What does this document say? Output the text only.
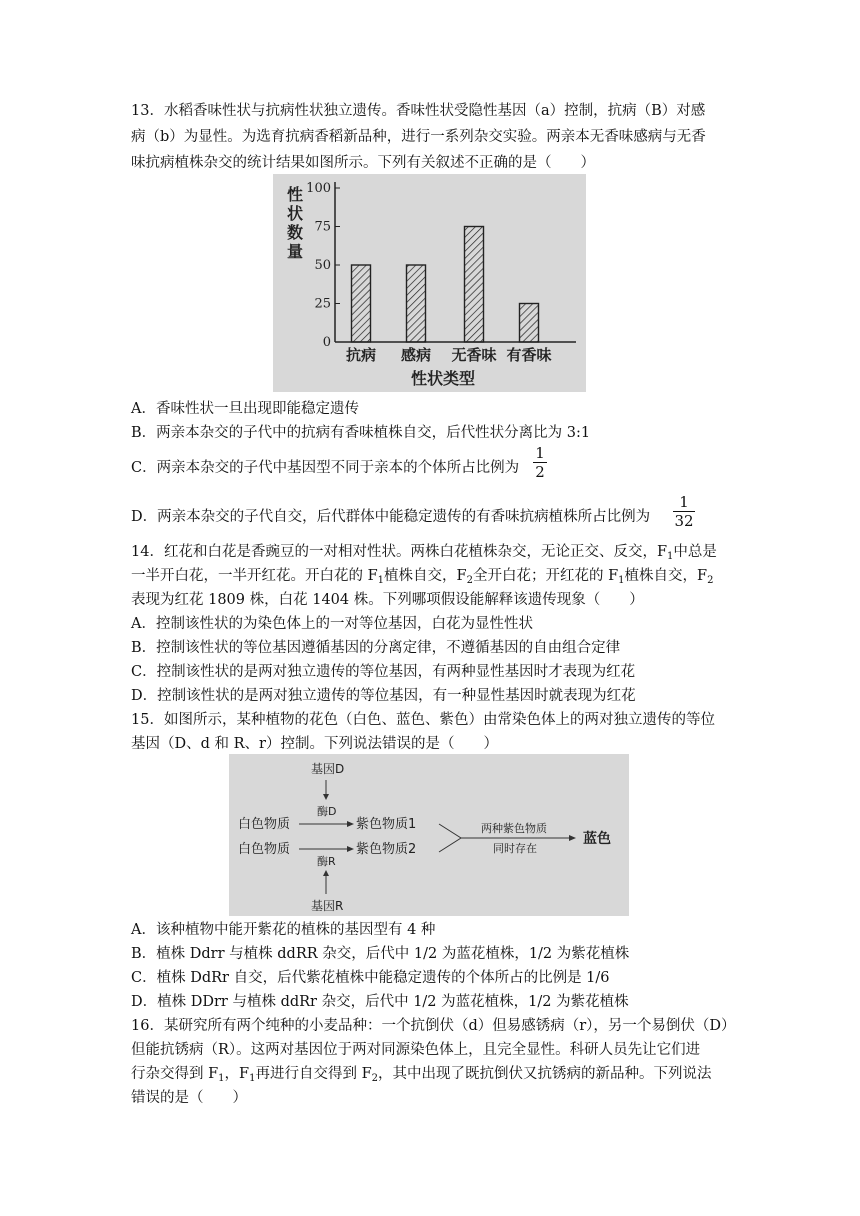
13．水稻香味性状与抗病性状独立遗传。香味性状受隐性基因（a）控制，抗病（B）对感
病（b）为显性。为选育抗病香稻新品种，进行一系列杂交实验。两亲本无香味感病与无香
味抗病植株杂交的统计结果如图所示。下列有关叙述不正确的是（　　）
0
25
50
75
100
性
状
数
量
抗病 感病 无香味 有香味
性状类型
A．香味性状一旦出现即能稳定遗传
B．两亲本杂交的子代中的抗病有香味植株自交，后代性状分离比为 3:1
C．两亲本杂交的子代中基因型不同于亲本的个体所占比例为
1
2
D．两亲本杂交的子代自交，后代群体中能稳定遗传的有香味抗病植株所占比例为
1
32
14．红花和白花是香豌豆的一对相对性状。两株白花植株杂交，无论正交、反交，$F_1$中总是
一半开白花，一半开红花。开白花的 $F_1$植株自交，$F_2$全开白花；开红花的 $F_1$植株自交，$F_2$
表现为红花 1809 株，白花 1404 株。下列哪项假设能解释该遗传现象（　　）
A．控制该性状的为染色体上的一对等位基因，白花为显性性状
B．控制该性状的等位基因遵循基因的分离定律，不遵循基因的自由组合定律
C．控制该性状的是两对独立遗传的等位基因，有两种显性基因时才表现为红花
D．控制该性状的是两对独立遗传的等位基因，有一种显性基因时就表现为红花
15．如图所示，某种植物的花色（白色、蓝色、紫色）由常染色体上的两对独立遗传的等位
基因（D、d 和 R、r）控制。下列说法错误的是（　　）
基因D
酶D
白色物质	紫色物质1
白色物质	紫色物质2
酶R
基因R
两种紫色物质
同时存在
蓝色
A．该种植物中能开紫花的植株的基因型有 4 种
B．植株 Ddrr 与植株 ddRR 杂交，后代中 1/2 为蓝花植株，1/2 为紫花植株
C．植株 DdRr 自交，后代紫花植株中能稳定遗传的个体所占的比例是 1/6
D．植株 DDrr 与植株 ddRr 杂交，后代中 1/2 为蓝花植株，1/2 为紫花植株
16．某研究所有两个纯种的小麦品种：一个抗倒伏（d）但易感锈病（r），另一个易倒伏（D）
但能抗锈病（R）。这两对基因位于两对同源染色体上，且完全显性。科研人员先让它们进
行杂交得到 $F_1$，$F_1$再进行自交得到 $F_2$，其中出现了既抗倒伏又抗锈病的新品种。下列说法
错误的是（　　）
